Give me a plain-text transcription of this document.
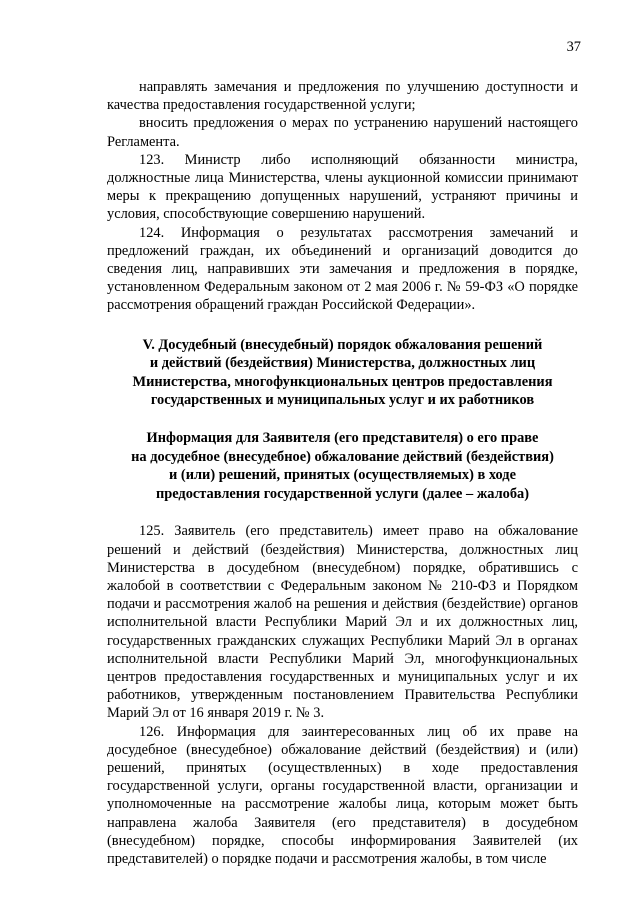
37

направлять замечания и предложения по улучшению доступности и качества предоставления государственной услуги;

вносить предложения о мерах по устранению нарушений настоящего Регламента.

123. Министр либо исполняющий обязанности министра, должностные лица Министерства, члены аукционной комиссии принимают меры к прекращению допущенных нарушений, устраняют причины и условия, способствующие совершению нарушений.

124. Информация о результатах рассмотрения замечаний и предложений граждан, их объединений и организаций доводится до сведения лиц, направивших эти замечания и предложения в порядке, установленном Федеральным законом от 2 мая 2006 г. № 59-ФЗ «О порядке рассмотрения обращений граждан Российской Федерации».

V. Досудебный (внесудебный) порядок обжалования решений
и действий (бездействия) Министерства, должностных лиц
Министерства, многофункциональных центров предоставления
государственных и муниципальных услуг и их работников
Информация для Заявителя (его представителя) о его праве
на досудебное (внесудебное) обжалование действий (бездействия)
и (или) решений, принятых (осуществляемых) в ходе
предоставления государственной услуги (далее – жалоба)

125. Заявитель (его представитель) имеет право на обжалование решений и действий (бездействия) Министерства, должностных лиц Министерства в досудебном (внесудебном) порядке, обратившись с жалобой в соответствии с Федеральным законом № 210-ФЗ и Порядком подачи и рассмотрения жалоб на решения и действия (бездействие) органов исполнительной власти Республики Марий Эл и их должностных лиц, государственных гражданских служащих Республики Марий Эл в органах исполнительной власти Республики Марий Эл, многофункциональных центров предоставления государственных и муниципальных услуг и их работников, утвержденным постановлением Правительства Республики Марий Эл от 16 января 2019 г. № 3.

126. Информация для заинтересованных лиц об их праве на досудебное (внесудебное) обжалование действий (бездействия) и (или) решений, принятых (осуществленных) в ходе предоставления государственной услуги, органы государственной власти, организации и уполномоченные на рассмотрение жалобы лица, которым может быть направлена жалоба Заявителя (его представителя) в досудебном (внесудебном) порядке, способы информирования Заявителей (их представителей) о порядке подачи и рассмотрения жалобы, в том числе
